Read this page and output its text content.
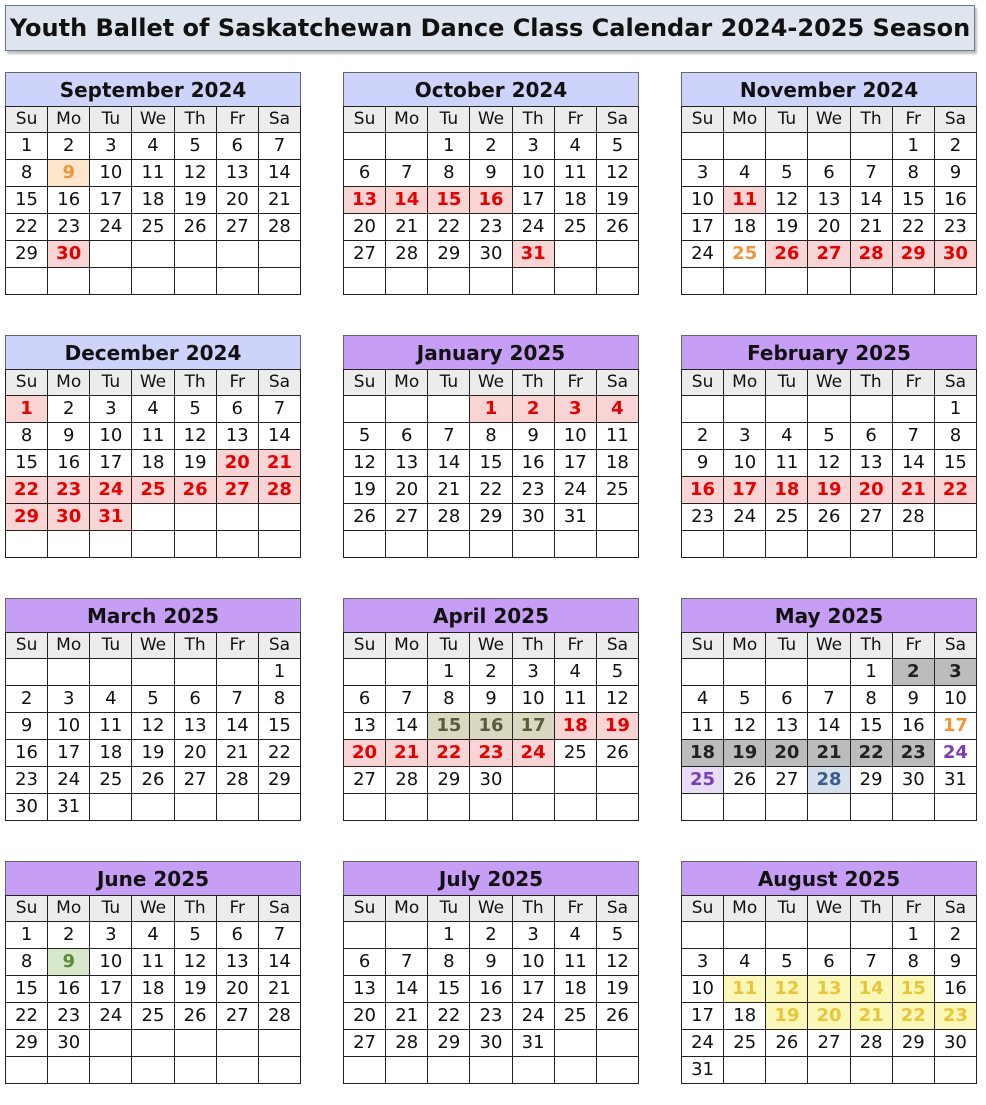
Youth Ballet of Saskatchewan Dance Class Calendar 2024-2025 Season
September 2024
Su	Mo	Tu	We	Th	Fr	Sa
1	2	3	4	5	6	7
8	9	10	11	12	13	14
15	16	17	18	19	20	21
22	23	24	25	26	27	28
29	30					

October 2024
Su	Mo	Tu	We	Th	Fr	Sa
		1	2	3	4	5
6	7	8	9	10	11	12
13	14	15	16	17	18	19
20	21	22	23	24	25	26
27	28	29	30	31		

November 2024
Su	Mo	Tu	We	Th	Fr	Sa
					1	2
3	4	5	6	7	8	9
10	11	12	13	14	15	16
17	18	19	20	21	22	23
24	25	26	27	28	29	30

December 2024
Su	Mo	Tu	We	Th	Fr	Sa
1	2	3	4	5	6	7
8	9	10	11	12	13	14
15	16	17	18	19	20	21
22	23	24	25	26	27	28
29	30	31				

January 2025
Su	Mo	Tu	We	Th	Fr	Sa
			1	2	3	4
5	6	7	8	9	10	11
12	13	14	15	16	17	18
19	20	21	22	23	24	25
26	27	28	29	30	31	

February 2025
Su	Mo	Tu	We	Th	Fr	Sa
						1
2	3	4	5	6	7	8
9	10	11	12	13	14	15
16	17	18	19	20	21	22
23	24	25	26	27	28	

March 2025
Su	Mo	Tu	We	Th	Fr	Sa
						1
2	3	4	5	6	7	8
9	10	11	12	13	14	15
16	17	18	19	20	21	22
23	24	25	26	27	28	29
30	31					
April 2025
Su	Mo	Tu	We	Th	Fr	Sa
		1	2	3	4	5
6	7	8	9	10	11	12
13	14	15	16	17	18	19
20	21	22	23	24	25	26
27	28	29	30			

May 2025
Su	Mo	Tu	We	Th	Fr	Sa
				1	2	3
4	5	6	7	8	9	10
11	12	13	14	15	16	17
18	19	20	21	22	23	24
25	26	27	28	29	30	31

June 2025
Su	Mo	Tu	We	Th	Fr	Sa
1	2	3	4	5	6	7
8	9	10	11	12	13	14
15	16	17	18	19	20	21
22	23	24	25	26	27	28
29	30					

July 2025
Su	Mo	Tu	We	Th	Fr	Sa
		1	2	3	4	5
6	7	8	9	10	11	12
13	14	15	16	17	18	19
20	21	22	23	24	25	26
27	28	29	30	31		

August 2025
Su	Mo	Tu	We	Th	Fr	Sa
					1	2
3	4	5	6	7	8	9
10	11	12	13	14	15	16
17	18	19	20	21	22	23
24	25	26	27	28	29	30
31						
